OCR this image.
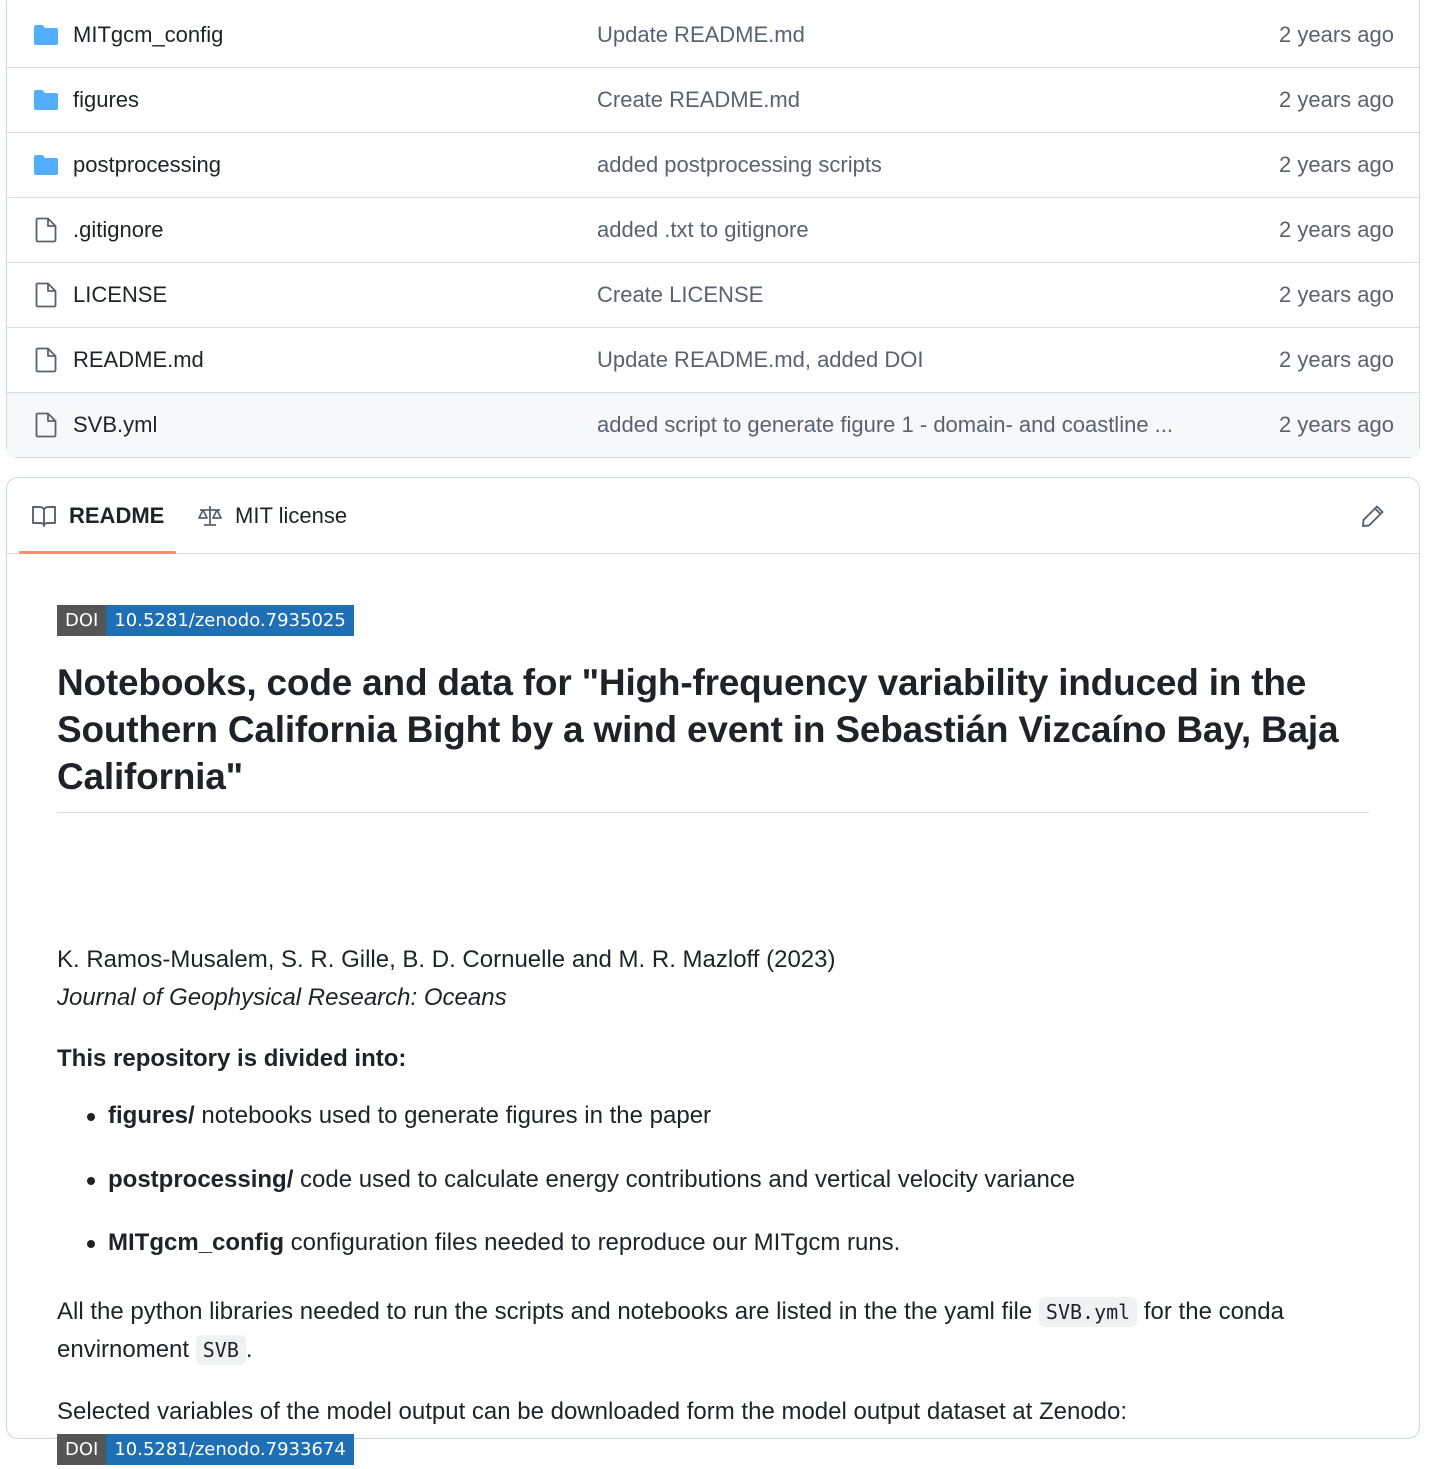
MITgcm_config	Update README.md	2 years ago
figures	Create README.md	2 years ago
postprocessing	added postprocessing scripts	2 years ago
.gitignore	added .txt to gitignore	2 years ago
LICENSE	Create LICENSE	2 years ago
README.md	Update README.md, added DOI	2 years ago
SVB.yml	added script to generate figure 1 - domain- and coastline ...	2 years ago
README	MIT license
DOI 10.5281/zenodo.7935025
Notebooks, code and data for "High-frequency variability induced in the Southern California Bight by a wind event in Sebastián Vizcaíno Bay, Baja California"

K. Ramos-Musalem, S. R. Gille, B. D. Cornuelle and M. R. Mazloff (2023)
Journal of Geophysical Research: Oceans

This repository is divided into:

figures/ notebooks used to generate figures in the paper
postprocessing/ code used to calculate energy contributions and vertical velocity variance
MITgcm_config configuration files needed to reproduce our MITgcm runs.

All the python libraries needed to run the scripts and notebooks are listed in the the yaml file SVB.yml for the conda envirnoment SVB .

Selected variables of the model output can be downloaded form the model output dataset at Zenodo:
DOI 10.5281/zenodo.7933674
